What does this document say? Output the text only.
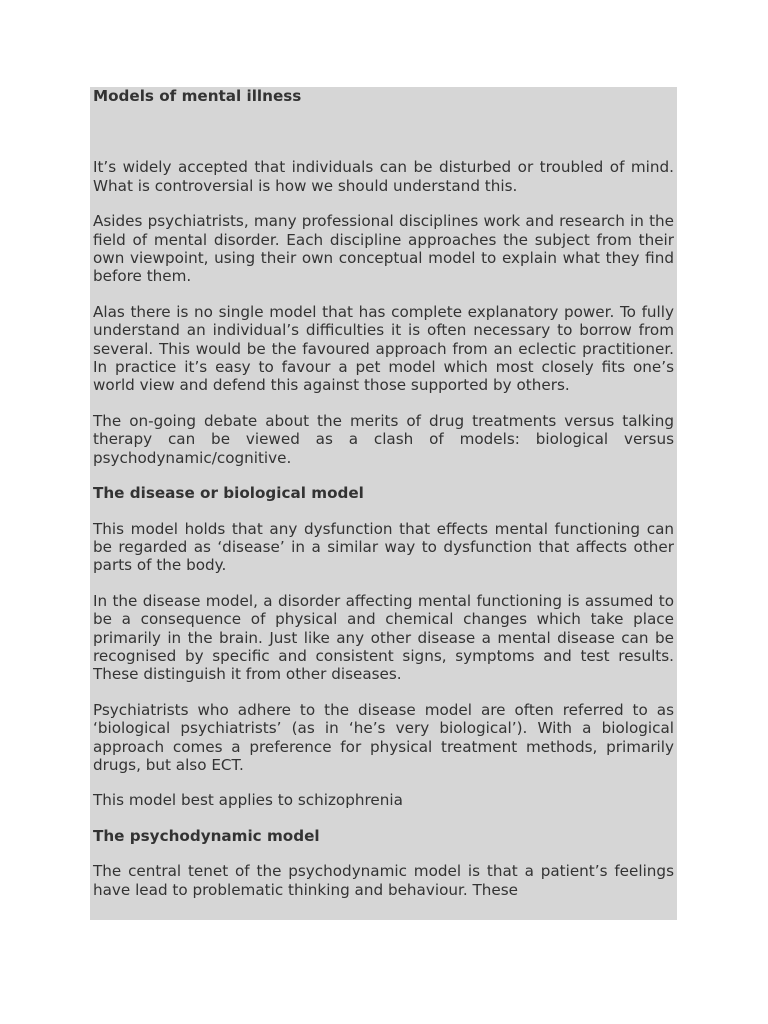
Models of mental illness

It’s widely accepted that individuals can be disturbed or troubled of mind. What is controversial is how we should understand this.

Asides psychiatrists, many professional disciplines work and research in the field of mental disorder. Each discipline approaches the subject from their own viewpoint, using their own conceptual model to explain what they find before them.

Alas there is no single model that has complete explanatory power. To fully understand an individual’s difficulties it is often necessary to borrow from several. This would be the favoured approach from an eclectic practitioner. In practice it’s easy to favour a pet model which most closely fits one’s world view and defend this against those supported by others.

The on-going debate about the merits of drug treatments versus talking therapy can be viewed as a clash of models: biological versus psychodynamic/cognitive.

The disease or biological model

This model holds that any dysfunction that effects mental functioning can be regarded as ‘disease’ in a similar way to dysfunction that affects other parts of the body.

In the disease model, a disorder affecting mental functioning is assumed to be a consequence of physical and chemical changes which take place primarily in the brain. Just like any other disease a mental disease can be recognised by specific and consistent signs, symptoms and test results. These distinguish it from other diseases.

Psychiatrists who adhere to the disease model are often referred to as ‘biological psychiatrists’ (as in ‘he’s very biological’). With a biological approach comes a preference for physical treatment methods, primarily drugs, but also ECT.

This model best applies to schizophrenia

The psychodynamic model

The central tenet of the psychodynamic model is that a patient’s feelings have lead to problematic thinking and behaviour. These
